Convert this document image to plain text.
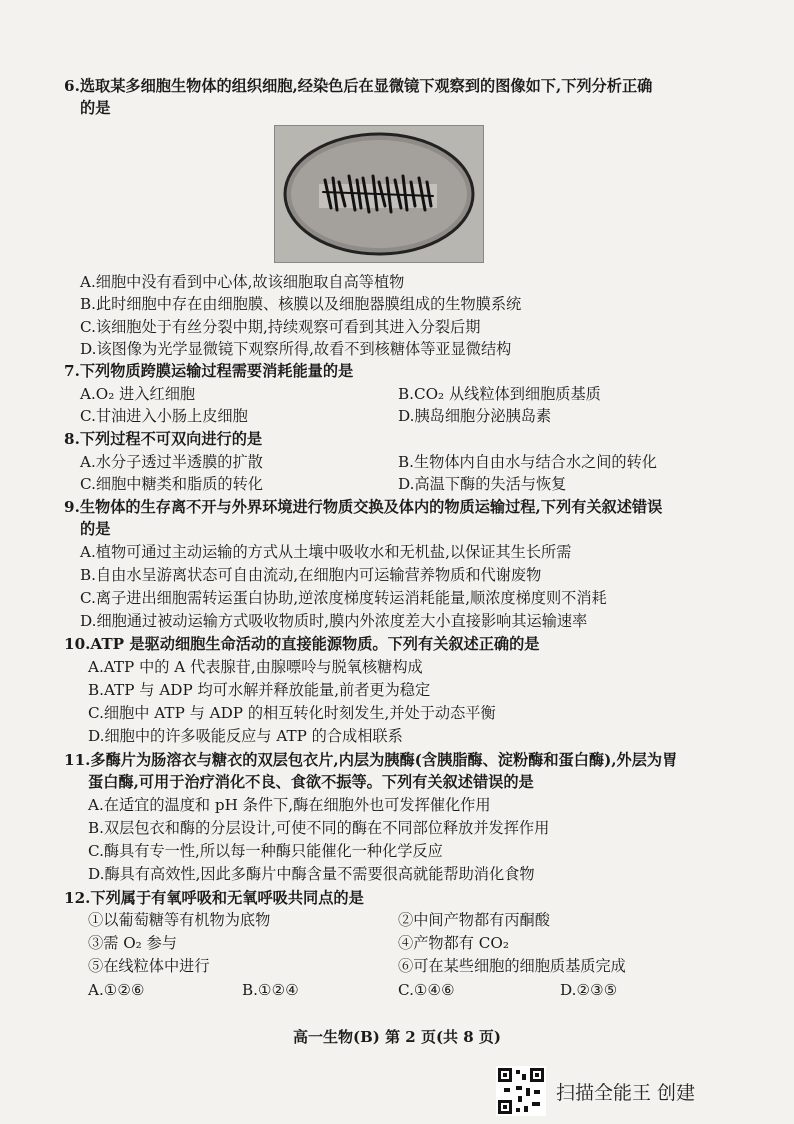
6.选取某多细胞生物体的组织细胞,经染色后在显微镜下观察到的图像如下,下列分析正确
的是
A.细胞中没有看到中心体,故该细胞取自高等植物
B.此时细胞中存在由细胞膜、核膜以及细胞器膜组成的生物膜系统
C.该细胞处于有丝分裂中期,持续观察可看到其进入分裂后期
D.该图像为光学显微镜下观察所得,故看不到核糖体等亚显微结构
7.下列物质跨膜运输过程需要消耗能量的是
A.O₂ 进入红细胞	B.CO₂ 从线粒体到细胞质基质
C.甘油进入小肠上皮细胞	D.胰岛细胞分泌胰岛素
8.下列过程不可双向进行的是
A.水分子透过半透膜的扩散	B.生物体内自由水与结合水之间的转化
C.细胞中糖类和脂质的转化	D.高温下酶的失活与恢复
9.生物体的生存离不开与外界环境进行物质交换及体内的物质运输过程,下列有关叙述错误
的是
A.植物可通过主动运输的方式从土壤中吸收水和无机盐,以保证其生长所需
B.自由水呈游离状态可自由流动,在细胞内可运输营养物质和代谢废物
C.离子进出细胞需转运蛋白协助,逆浓度梯度转运消耗能量,顺浓度梯度则不消耗
D.细胞通过被动运输方式吸收物质时,膜内外浓度差大小直接影响其运输速率
10.ATP 是驱动细胞生命活动的直接能源物质。下列有关叙述正确的是
A.ATP 中的 A 代表腺苷,由腺嘌呤与脱氧核糖构成
B.ATP 与 ADP 均可水解并释放能量,前者更为稳定
C.细胞中 ATP 与 ADP 的相互转化时刻发生,并处于动态平衡
D.细胞中的许多吸能反应与 ATP 的合成相联系
11.多酶片为肠溶衣与糖衣的双层包衣片,内层为胰酶(含胰脂酶、淀粉酶和蛋白酶),外层为胃
蛋白酶,可用于治疗消化不良、食欲不振等。下列有关叙述错误的是
A.在适宜的温度和 pH 条件下,酶在细胞外也可发挥催化作用
B.双层包衣和酶的分层设计,可使不同的酶在不同部位释放并发挥作用
C.酶具有专一性,所以每一种酶只能催化一种化学反应
D.酶具有高效性,因此多酶片中酶含量不需要很高就能帮助消化食物
12.下列属于有氧呼吸和无氧呼吸共同点的是
①以葡萄糖等有机物为底物	②中间产物都有丙酮酸
③需 O₂ 参与	④产物都有 CO₂
⑤在线粒体中进行	⑥可在某些细胞的细胞质基质完成
A.①②⑥	B.①②④	C.①④⑥	D.②③⑤
高一生物(B) 第 2 页(共 8 页)
扫描全能王 创建
